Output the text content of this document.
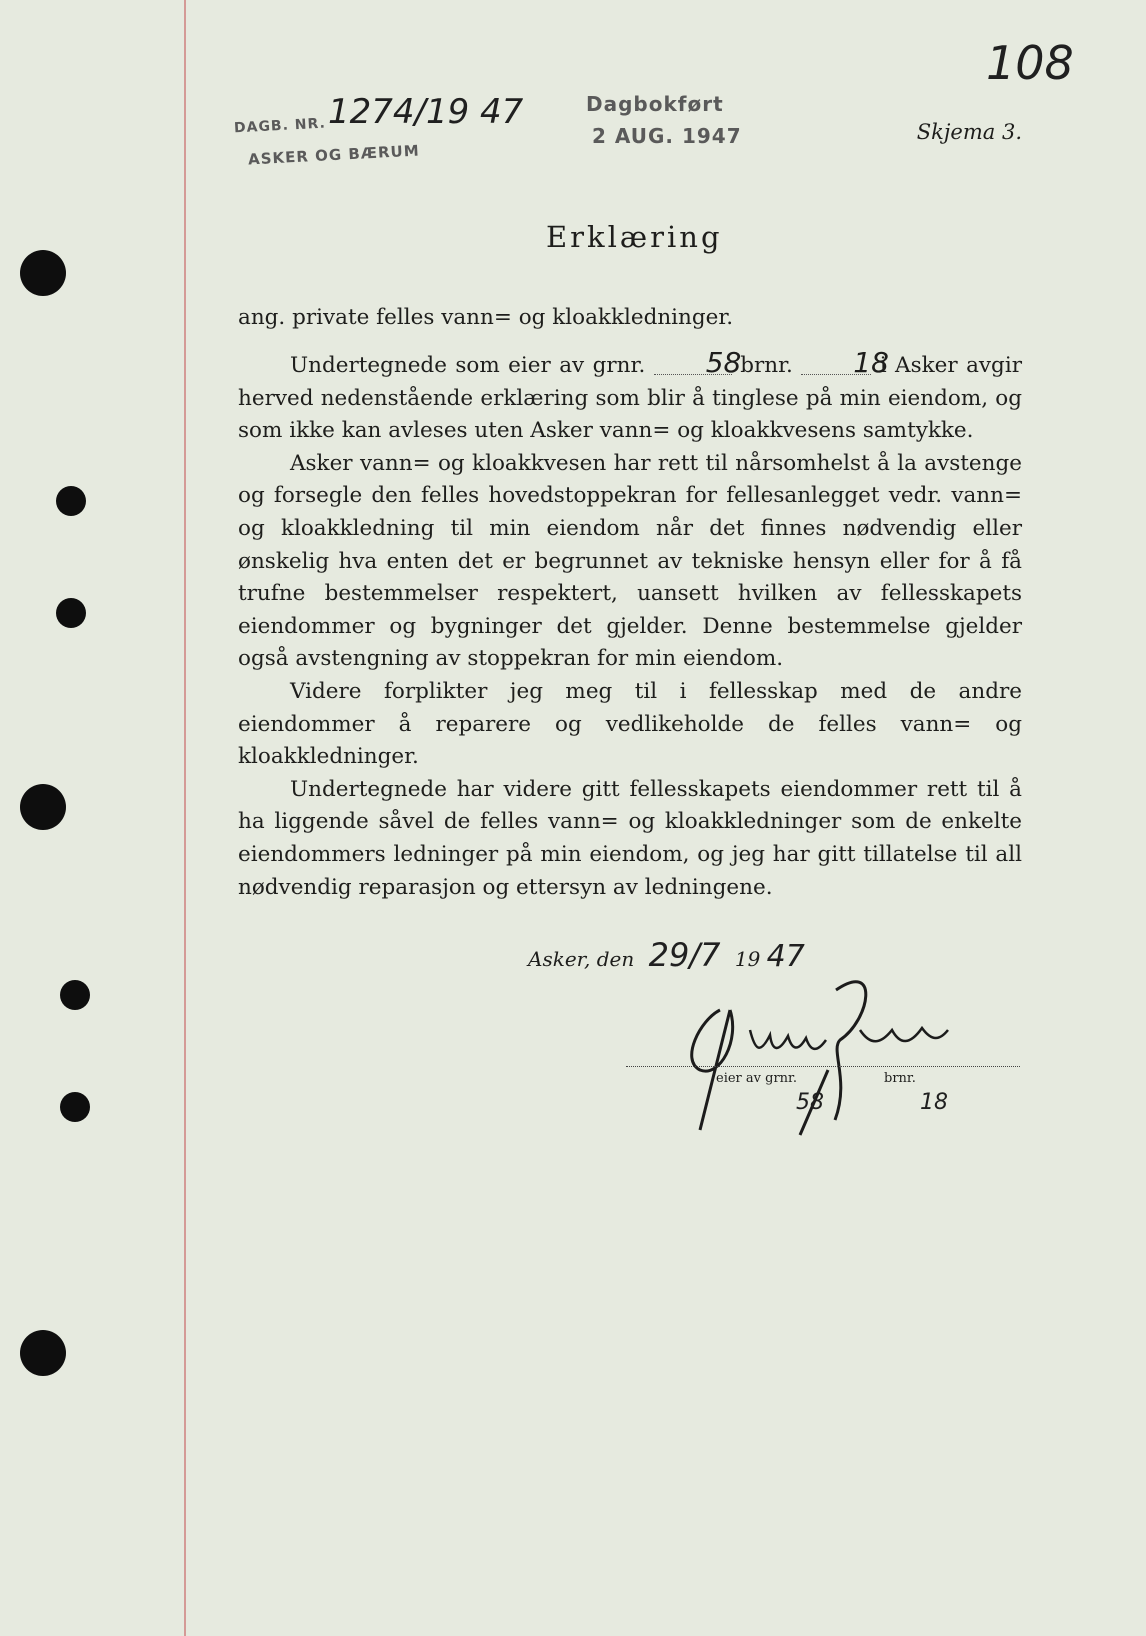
108
DAGB. NR. 1274/19 47
ASKER OG BÆRUM
Dagbokført
2 AUG. 1947	Skjema 3.
Erklæring
ang. private felles vann= og kloakkledninger.

Undertegnede som eier av grnr. 58 brnr. 18 i Asker avgir herved nedenstående erklæring som blir å tinglese på min eiendom, og som ikke kan avleses uten Asker vann= og kloakkvesens samtykke.

Asker vann= og kloakkvesen har rett til nårsomhelst å la avstenge og forsegle den felles hovedstoppekran for fellesanlegget vedr. vann= og kloakkledning til min eiendom når det finnes nødvendig eller ønskelig hva enten det er begrunnet av tekniske hensyn eller for å få trufne bestemmelser respektert, uansett hvilken av fellesskapets eiendommer og bygninger det gjelder. Denne bestemmelse gjelder også avstengning av stoppekran for min eiendom.

Videre forplikter jeg meg til i fellesskap med de andre eiendommer å reparere og vedlikeholde de felles vann= og kloakkledninger.

Undertegnede har videre gitt fellesskapets eiendommer rett til å ha liggende såvel de felles vann= og kloakkledninger som de enkelte eiendommers ledninger på min eiendom, og jeg har gitt tillatelse til all nødvendig reparasjon og ettersyn av ledningene.

Asker, den 29/7 19 47
eier av grnr.	brnr.
58	18
